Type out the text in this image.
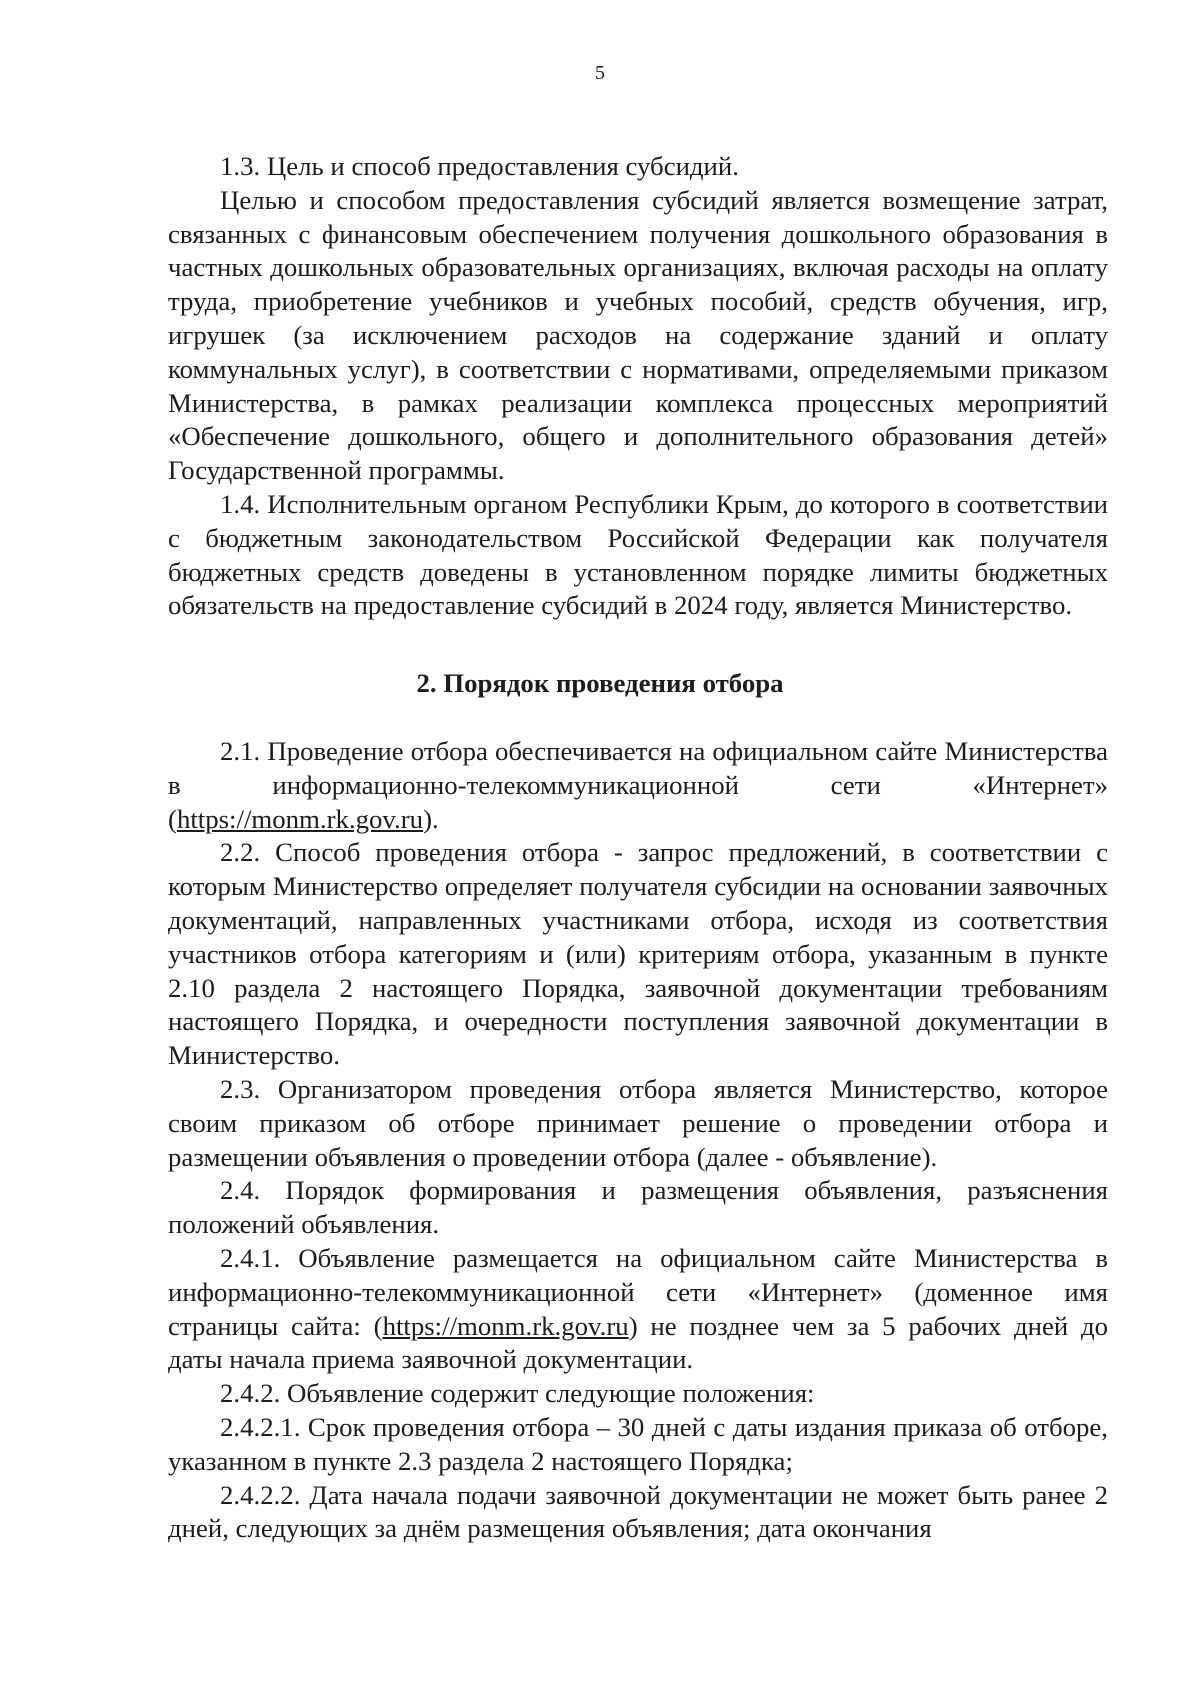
5

1.3. Цель и способ предоставления субсидий.

Целью и способом предоставления субсидий является возмещение затрат, связанных с финансовым обеспечением получения дошкольного образования в частных дошкольных образовательных организациях, включая расходы на оплату труда, приобретение учебников и учебных пособий, средств обучения, игр, игрушек (за исключением расходов на содержание зданий и оплату коммунальных услуг), в соответствии с нормативами, определяемыми приказом Министерства, в рамках реализации комплекса процессных мероприятий «Обеспечение дошкольного, общего и дополнительного образования детей» Государственной программы.

1.4. Исполнительным органом Республики Крым, до которого в соответствии с бюджетным законодательством Российской Федерации как получателя бюджетных средств доведены в установленном порядке лимиты бюджетных обязательств на предоставление субсидий в 2024 году, является Министерство.

2. Порядок проведения отбора

2.1. Проведение отбора обеспечивается на официальном сайте Министерства в информационно-телекоммуникационной сети «Интернет» (https://monm.rk.gov.ru).

2.2. Способ проведения отбора - запрос предложений, в соответствии с которым Министерство определяет получателя субсидии на основании заявочных документаций, направленных участниками отбора, исходя из соответствия участников отбора категориям и (или) критериям отбора, указанным в пункте 2.10 раздела 2 настоящего Порядка, заявочной документации требованиям настоящего Порядка, и очередности поступления заявочной документации в Министерство.

2.3. Организатором проведения отбора является Министерство, которое своим приказом об отборе принимает решение о проведении отбора и размещении объявления о проведении отбора (далее - объявление).

2.4. Порядок формирования и размещения объявления, разъяснения положений объявления.

2.4.1. Объявление размещается на официальном сайте Министерства в информационно-телекоммуникационной сети «Интернет» (доменное имя страницы сайта: (https://monm.rk.gov.ru) не позднее чем за 5 рабочих дней до даты начала приема заявочной документации.

2.4.2. Объявление содержит следующие положения:

2.4.2.1. Срок проведения отбора – 30 дней с даты издания приказа об отборе, указанном в пункте 2.3 раздела 2 настоящего Порядка;

2.4.2.2. Дата начала подачи заявочной документации не может быть ранее 2 дней, следующих за днём размещения объявления; дата окончания
